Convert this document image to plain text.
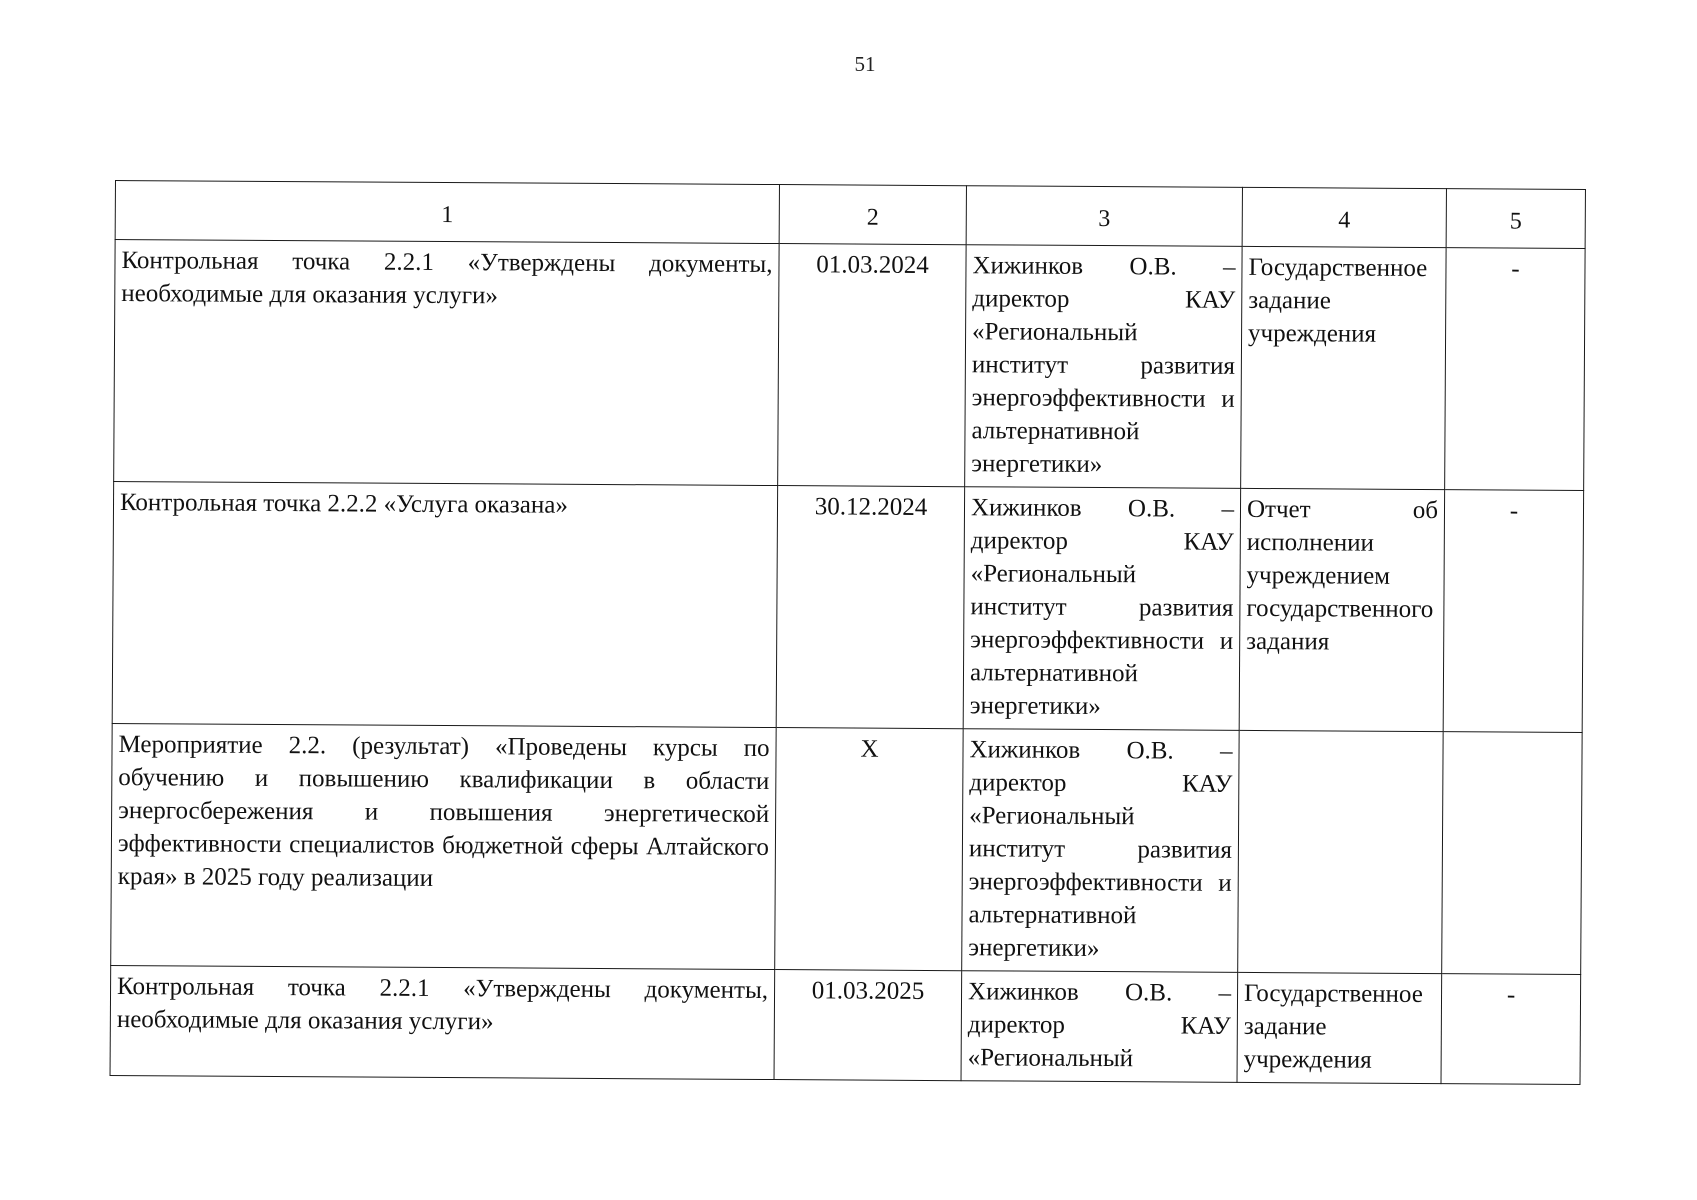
51
1	2	3	4	5
Контрольная точка 2.2.1 «Утверждены документы, необходимые для оказания услуги»	01.03.2024	Хижинков О.В. – директор КАУ «Региональный институт развития энергоэффективности и альтернативной энергетики»	Государственное задание учреждения	-
Контрольная точка 2.2.2 «Услуга оказана»	30.12.2024	Хижинков О.В. – директор КАУ «Региональный институт развития энергоэффективности и альтернативной энергетики»	Отчет об исполнении учреждением государственного задания	-
Мероприятие 2.2. (результат) «Проведены курсы по обучению и повышению квалификации в области энергосбережения и повышения энергетической эффективности специалистов бюджетной сферы Алтайского края» в 2025 году реализации	Х	Хижинков О.В. – директор КАУ «Региональный институт развития энергоэффективности и альтернативной энергетики»		
Контрольная точка 2.2.1 «Утверждены документы, необходимые для оказания услуги»	01.03.2025	Хижинков О.В. – директор КАУ «Региональный	Государственное задание учреждения	-
